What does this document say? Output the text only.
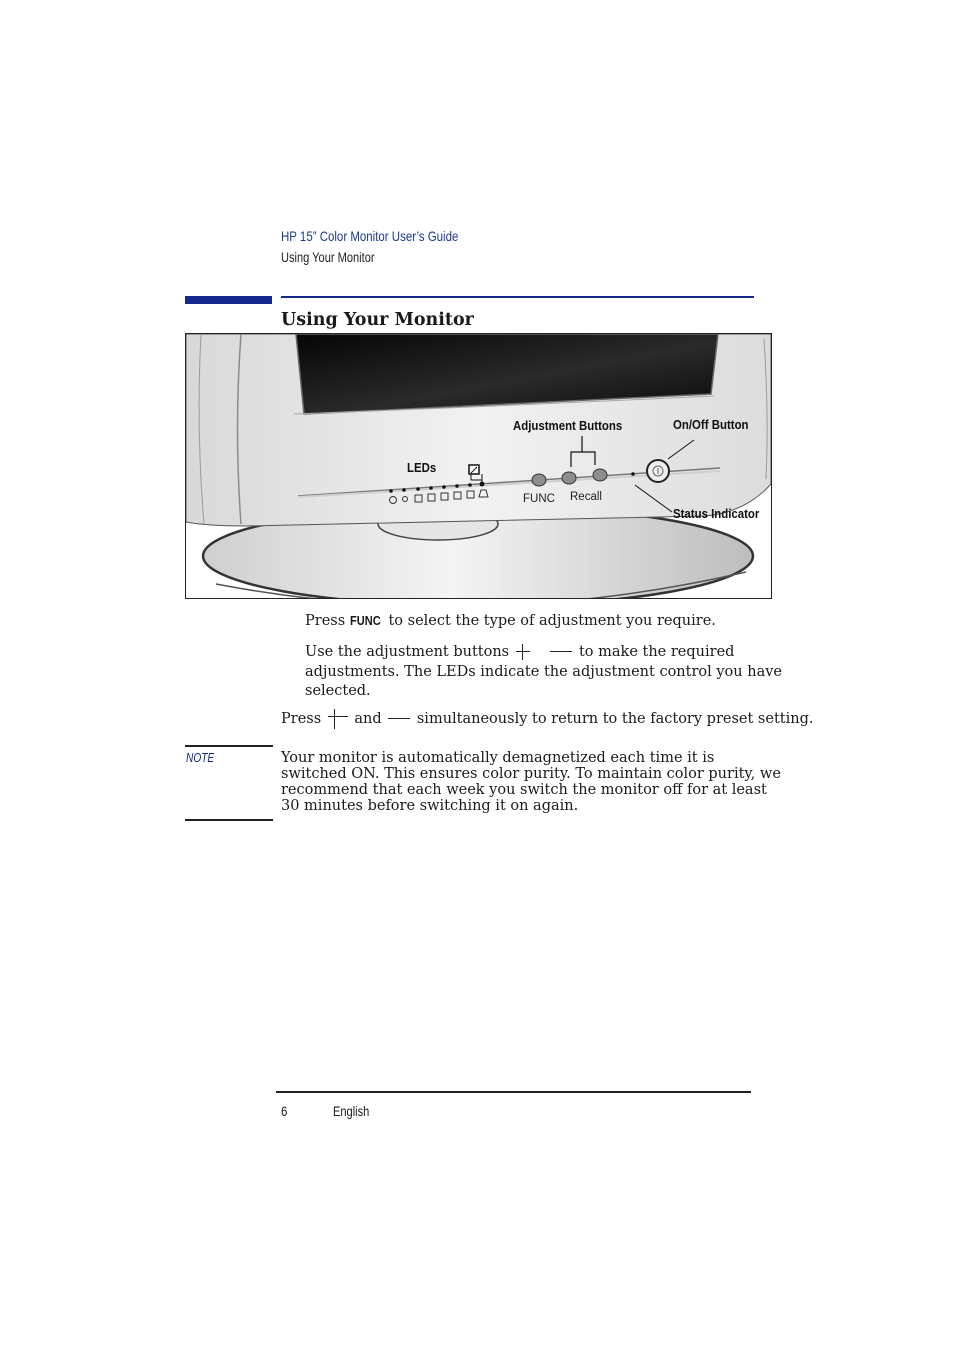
HP 15” Color Monitor User’s Guide
Using Your Monitor
Using Your Monitor
Adjustment Buttons	On/Off Button
LEDs
FUNC Recall
Status Indicator
Press FUNC to select the type of adjustment you require.
Use the adjustment buttons	to make the required
adjustments. The LEDs indicate the adjustment control you have
selected.
Press and simultaneously to return to the factory preset setting.
NOTE	Your monitor is automatically demagnetized each time it is switched ON. This ensures color purity. To maintain color purity, we recommend that each week you switch the monitor off for at least 30 minutes before switching it on again.
6	English
